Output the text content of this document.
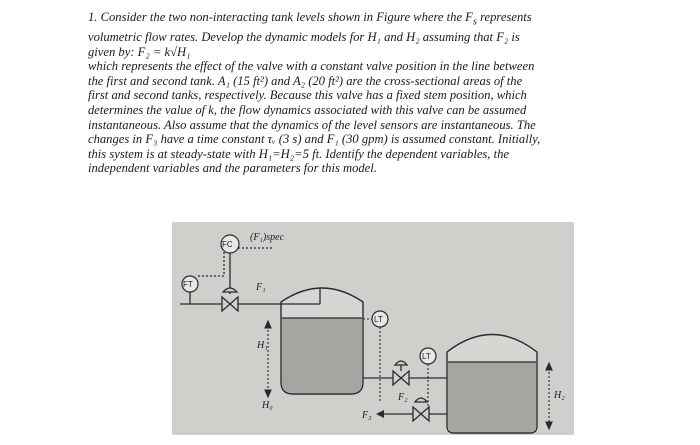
1. Consider the two non-interacting tank levels shown in Figure where the $F_s$ represents

volumetric flow rates. Develop the dynamic models for H₁ and H₂ assuming that F₂ is

given by: F₂ = k√H₁

which represents the effect of the valve with a constant valve position in the line between

the first and second tank. A₁ (15 ft²) and A₂ (20 ft²) are the cross-sectional areas of the

first and second tanks, respectively. Because this valve has a fixed stem position, which

determines the value of k, the flow dynamics associated with this valve can be assumed

instantaneous. Also assume that the dynamics of the level sensors are instantaneous. The

changes in F₃ have a time constant τᵥ (3 s) and F₁ (30 gpm) is assumed constant. Initially,

this system is at steady-state with H₁=H₂=5 ft. Identify the dependent variables, the

independent variables and the parameters for this model.

FT
FC
(F₁)spec
F₁
H₁
H₀
LT
F₂
LT
F₃
H₂
